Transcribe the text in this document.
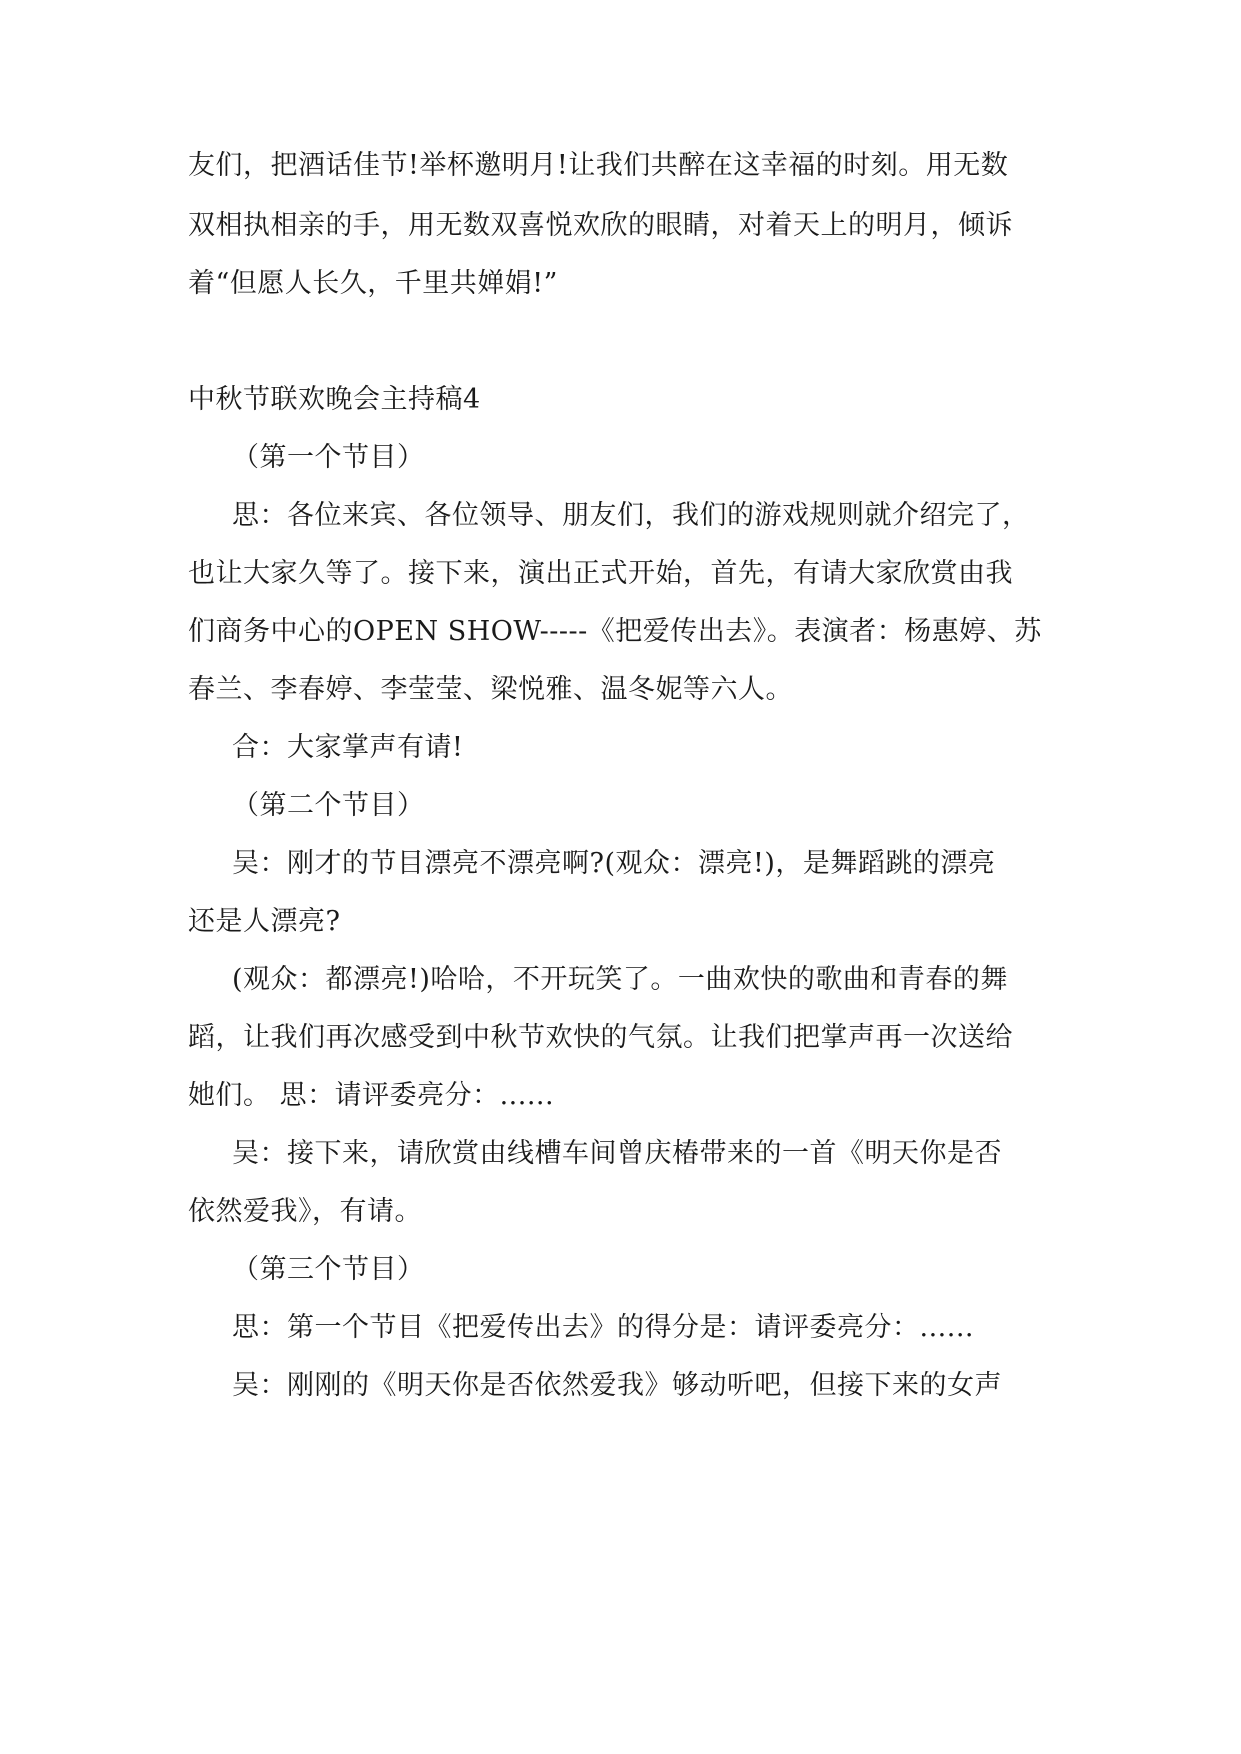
友们，把酒话佳节!举杯邀明月!让我们共醉在这幸福的时刻。用无数
双相执相亲的手，用无数双喜悦欢欣的眼睛，对着天上的明月，倾诉
着“但愿人长久，千里共婵娟!”
中秋节联欢晚会主持稿4
（第一个节目）
思：各位来宾、各位领导、朋友们，我们的游戏规则就介绍完了，
也让大家久等了。接下来，演出正式开始，首先，有请大家欣赏由我
们商务中心的OPEN SHOW-----《把爱传出去》。表演者：杨惠婷、苏
春兰、李春婷、李莹莹、梁悦雅、温冬妮等六人。
合：大家掌声有请!
（第二个节目）
吴：刚才的节目漂亮不漂亮啊?(观众：漂亮!)，是舞蹈跳的漂亮
还是人漂亮?
(观众：都漂亮!)哈哈，不开玩笑了。一曲欢快的歌曲和青春的舞
蹈，让我们再次感受到中秋节欢快的气氛。让我们把掌声再一次送给
她们。 思：请评委亮分：......
吴：接下来，请欣赏由线槽车间曾庆椿带来的一首《明天你是否
依然爱我》，有请。
（第三个节目）
思：第一个节目《把爱传出去》的得分是：请评委亮分：......
吴：刚刚的《明天你是否依然爱我》够动听吧，但接下来的女声
